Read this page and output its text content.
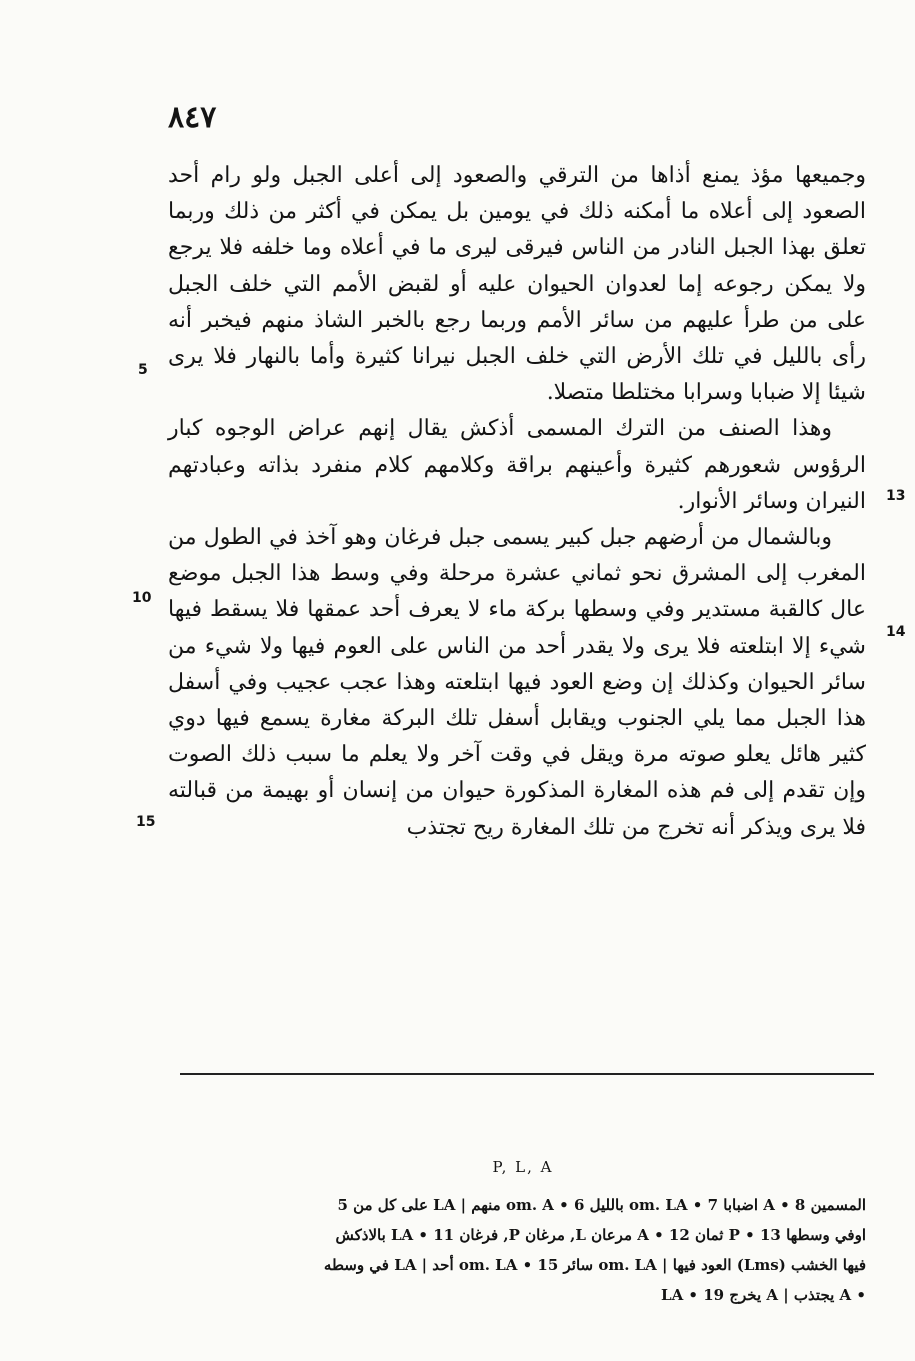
٨٤٧

وجميعها مؤذ يمنع أذاها من الترقي والصعود إلى أعلى الجبل ولو رام أحد الصعود إلى أعلاه ما أمكنه ذلك في يومين بل يمكن في أكثر من ذلك وربما تعلق بهذا الجبل النادر من الناس فيرقى ليرى ما في أعلاه وما خلفه فلا يرجع ولا يمكن رجوعه إما لعدوان الحيوان عليه أو لقبض الأمم التي خلف الجبل على من طرأ عليهم من سائر الأمم وربما رجع بالخبر الشاذ منهم فيخبر أنه رأى بالليل في تلك الأرض التي خلف الجبل نيرانا كثيرة وأما بالنهار فلا يرى شيئا إلا ضبابا وسرابا مختلطا متصلا.

وهذا الصنف من الترك المسمى أذكش يقال إنهم عراض الوجوه كبار الرؤوس شعورهم كثيرة وأعينهم براقة وكلامهم كلام منفرد بذاته وعبادتهم النيران وسائر الأنوار.

وبالشمال من أرضهم جبل كبير يسمى جبل فرغان وهو آخذ في الطول من المغرب إلى المشرق نحو ثماني عشرة مرحلة وفي وسط هذا الجبل موضع عال كالقبة مستدير وفي وسطها بركة ماء لا يعرف أحد عمقها فلا يسقط فيها شيء إلا ابتلعته فلا يرى ولا يقدر أحد من الناس على العوم فيها ولا شيء من سائر الحيوان وكذلك إن وضع العود فيها ابتلعته وهذا عجب عجيب وفي أسفل هذا الجبل مما يلي الجنوب ويقابل أسفل تلك البركة مغارة يسمع فيها دوي كثير هائل يعلو صوته مرة ويقل في وقت آخر ولا يعلم ما سبب ذلك الصوت وإن تقدم إلى فم هذه المغارة المذكورة حيوان من إنسان أو بهيمة من قبالته فلا يرى ويذكر أنه تخرج من تلك المغارة ريح تجتذب

5
13
10
14
15
P, L, A
المسمين 8 • A اضبابا 7 • om. LA بالليل 6 • om. A منهم | LA على كل من 5
اوفي وسطها 13 • P ثمان 12 • A مرعان L, مرغان P, فرغان 11 • LA بالاذكش
فيها الخشب (Lms) العود فيها | om. LA سائر 15 • om. LA أحد | LA في وسطه
• A يجتذب | A يخرج 19 • LA
